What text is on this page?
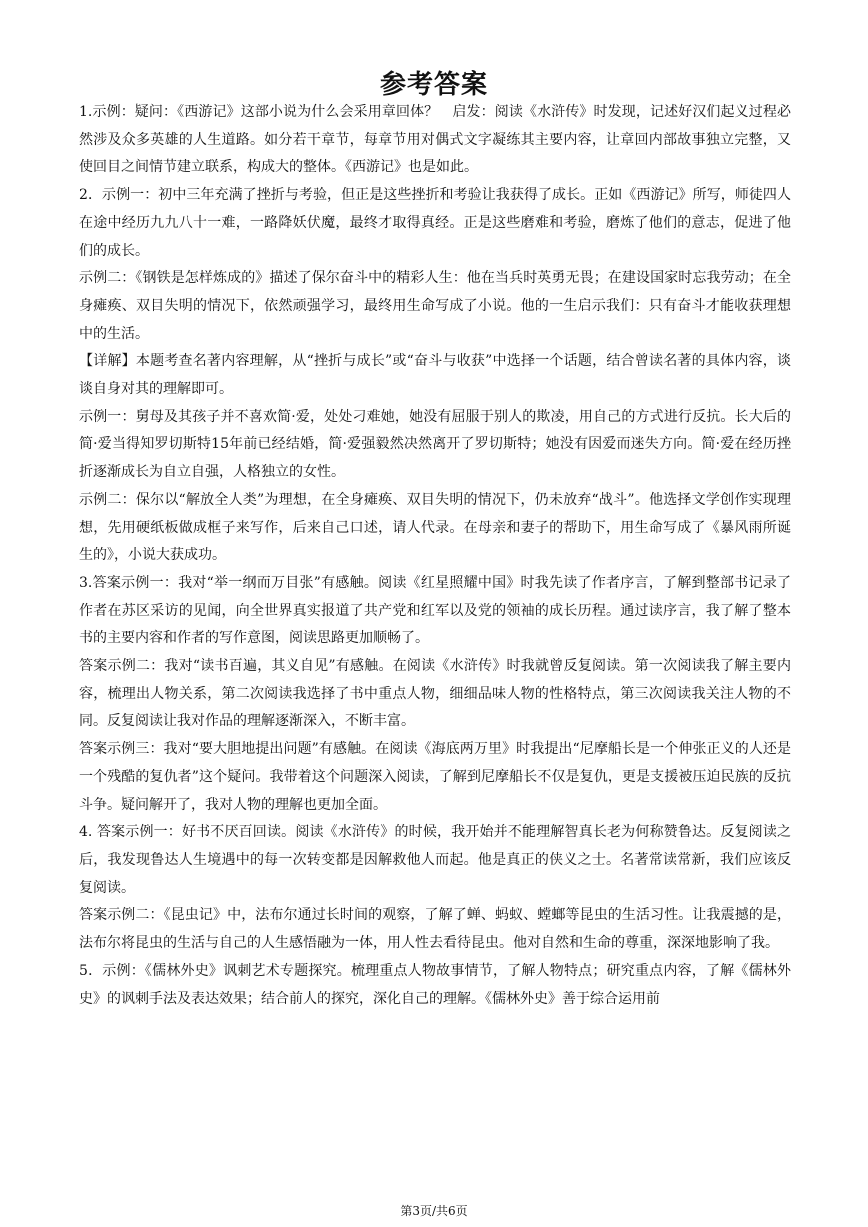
参考答案

1.示例：疑问：《西游记》这部小说为什么会采用章回体？　启发：阅读《水浒传》时发现，记述好汉们起义过程必然涉及众多英雄的人生道路。如分若干章节，每章节用对偶式文字凝练其主要内容，让章回内部故事独立完整，又使回目之间情节建立联系，构成大的整体。《西游记》也是如此。

2．示例一：初中三年充满了挫折与考验，但正是这些挫折和考验让我获得了成长。正如《西游记》所写，师徒四人在途中经历九九八十一难，一路降妖伏魔，最终才取得真经。正是这些磨难和考验，磨炼了他们的意志，促进了他们的成长。

示例二：《钢铁是怎样炼成的》描述了保尔奋斗中的精彩人生：他在当兵时英勇无畏；在建设国家时忘我劳动；在全身瘫痪、双目失明的情况下，依然顽强学习，最终用生命写成了小说。他的一生启示我们：只有奋斗才能收获理想中的生活。

【详解】本题考查名著内容理解，从“挫折与成长”或“奋斗与收获”中选择一个话题，结合曾读名著的具体内容，谈谈自身对其的理解即可。

示例一：舅母及其孩子并不喜欢简·爱，处处刁难她，她没有屈服于别人的欺凌，用自己的方式进行反抗。长大后的简·爱当得知罗切斯特15年前已经结婚，简·爱强毅然决然离开了罗切斯特；她没有因爱而迷失方向。简·爱在经历挫折逐渐成长为自立自强，人格独立的女性。

示例二：保尔以“解放全人类”为理想，在全身瘫痪、双目失明的情况下，仍未放弃“战斗”。他选择文学创作实现理想，先用硬纸板做成框子来写作，后来自己口述，请人代录。在母亲和妻子的帮助下，用生命写成了《暴风雨所诞生的》，小说大获成功。

3.答案示例一：我对“举一纲而万目张”有感触。阅读《红星照耀中国》时我先读了作者序言，了解到整部书记录了作者在苏区采访的见闻，向全世界真实报道了共产党和红军以及党的领袖的成长历程。通过读序言，我了解了整本书的主要内容和作者的写作意图，阅读思路更加顺畅了。

答案示例二：我对“读书百遍，其义自见”有感触。在阅读《水浒传》时我就曾反复阅读。第一次阅读我了解主要内容，梳理出人物关系，第二次阅读我选择了书中重点人物，细细品味人物的性格特点，第三次阅读我关注人物的不同。反复阅读让我对作品的理解逐渐深入，不断丰富。

答案示例三：我对“要大胆地提出问题”有感触。在阅读《海底两万里》时我提出“尼摩船长是一个伸张正义的人还是一个残酷的复仇者”这个疑问。我带着这个问题深入阅读，了解到尼摩船长不仅是复仇，更是支援被压迫民族的反抗斗争。疑问解开了，我对人物的理解也更加全面。

4. 答案示例一：好书不厌百回读。阅读《水浒传》的时候，我开始并不能理解智真长老为何称赞鲁达。反复阅读之后，我发现鲁达人生境遇中的每一次转变都是因解救他人而起。他是真正的侠义之士。名著常读常新，我们应该反复阅读。

答案示例二：《昆虫记》中，法布尔通过长时间的观察，了解了蝉、蚂蚁、螳螂等昆虫的生活习性。让我震撼的是，法布尔将昆虫的生活与自己的人生感悟融为一体，用人性去看待昆虫。他对自然和生命的尊重，深深地影响了我。

5．示例：《儒林外史》讽刺艺术专题探究。梳理重点人物故事情节，了解人物特点；研究重点内容，了解《儒林外史》的讽刺手法及表达效果；结合前人的探究，深化自己的理解。《儒林外史》善于综合运用前

第3页/共6页
